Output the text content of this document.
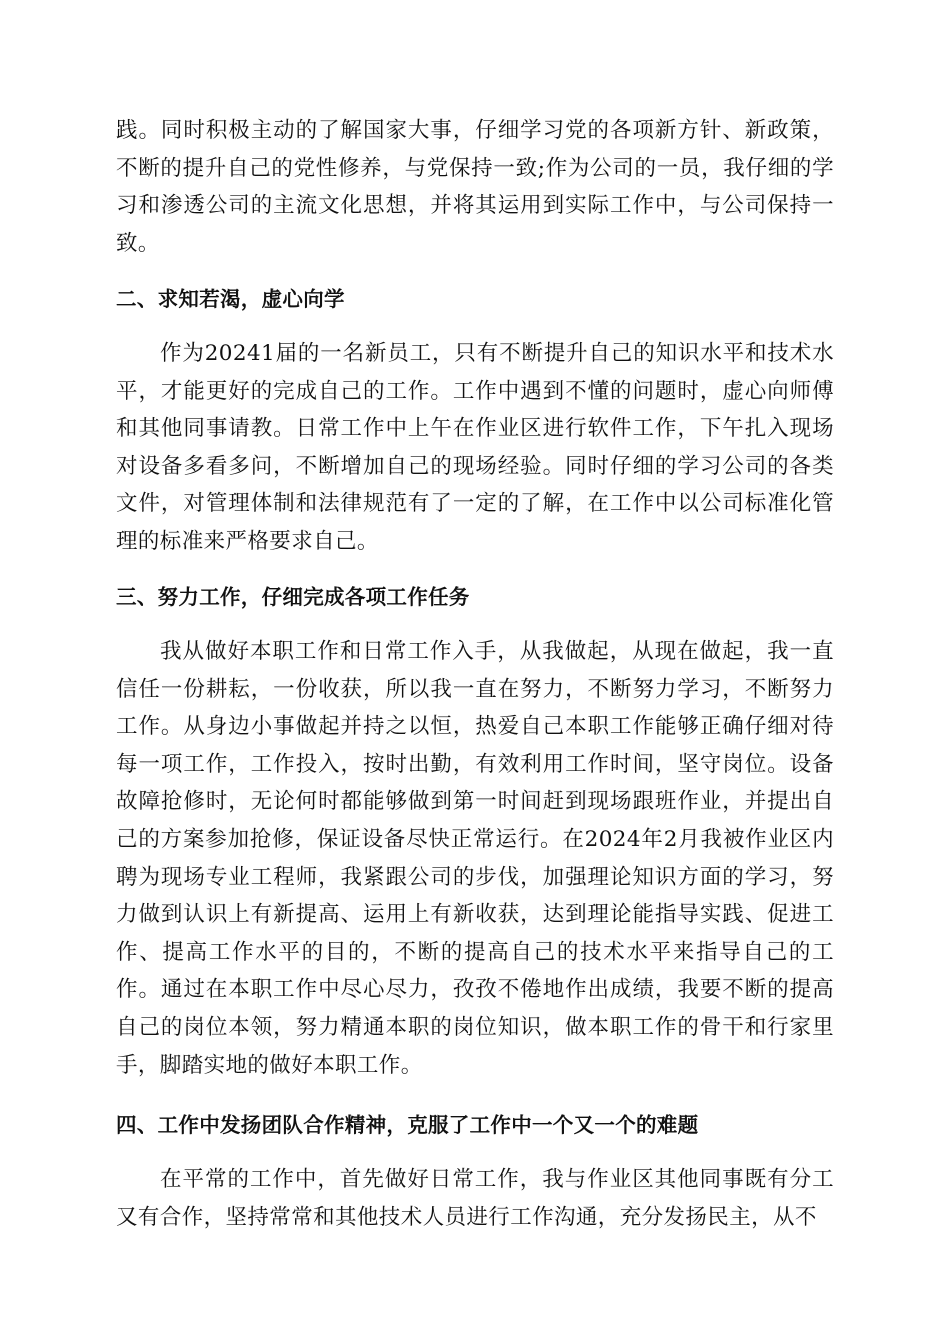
践。同时积极主动的了解国家大事，仔细学习党的各项新方针、新政策，不断的提升自己的党性修养，与党保持一致;作为公司的一员，我仔细的学习和渗透公司的主流文化思想，并将其运用到实际工作中，与公司保持一致。

二、求知若渴，虚心向学

作为20241届的一名新员工，只有不断提升自己的知识水平和技术水平，才能更好的完成自己的工作。工作中遇到不懂的问题时，虚心向师傅和其他同事请教。日常工作中上午在作业区进行软件工作，下午扎入现场对设备多看多问，不断增加自己的现场经验。同时仔细的学习公司的各类文件，对管理体制和法律规范有了一定的了解，在工作中以公司标准化管理的标准来严格要求自己。

三、努力工作，仔细完成各项工作任务

我从做好本职工作和日常工作入手，从我做起，从现在做起，我一直信任一份耕耘，一份收获，所以我一直在努力，不断努力学习，不断努力工作。从身边小事做起并持之以恒，热爱自己本职工作能够正确仔细对待每一项工作，工作投入，按时出勤，有效利用工作时间，坚守岗位。设备故障抢修时，无论何时都能够做到第一时间赶到现场跟班作业，并提出自己的方案参加抢修，保证设备尽快正常运行。在2024年2月我被作业区内聘为现场专业工程师，我紧跟公司的步伐，加强理论知识方面的学习，努力做到认识上有新提高、运用上有新收获，达到理论能指导实践、促进工作、提高工作水平的目的，不断的提高自己的技术水平来指导自己的工作。通过在本职工作中尽心尽力，孜孜不倦地作出成绩，我要不断的提高自己的岗位本领，努力精通本职的岗位知识，做本职工作的骨干和行家里手，脚踏实地的做好本职工作。

四、工作中发扬团队合作精神，克服了工作中一个又一个的难题

在平常的工作中，首先做好日常工作，我与作业区其他同事既有分工又有合作，坚持常常和其他技术人员进行工作沟通，充分发扬民主，从不
